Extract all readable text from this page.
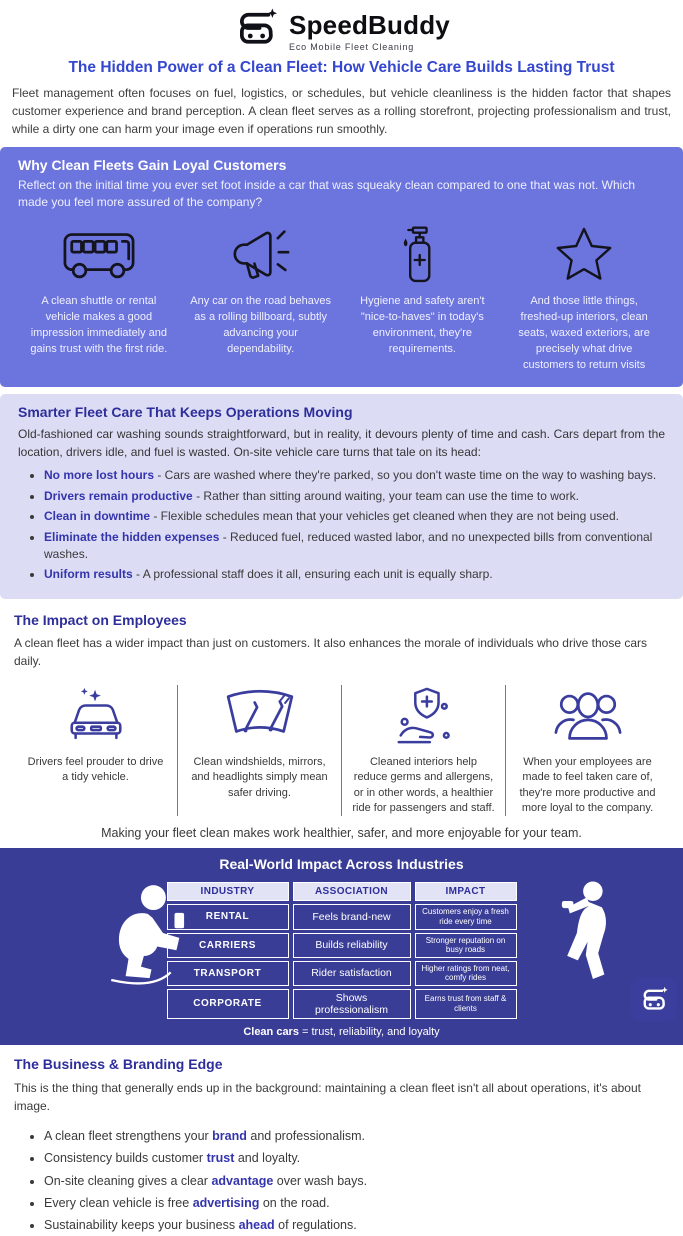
SpeedBuddy
Eco Mobile Fleet Cleaning
The Hidden Power of a Clean Fleet: How Vehicle Care Builds Lasting Trust

Fleet management often focuses on fuel, logistics, or schedules, but vehicle cleanliness is the hidden factor that shapes customer experience and brand perception. A clean fleet serves as a rolling storefront, projecting professionalism and trust, while a dirty one can harm your image even if operations run smoothly.

Why Clean Fleets Gain Loyal Customers

Reflect on the initial time you ever set foot inside a car that was squeaky clean compared to one that was not. Which made you feel more assured of the company?

A clean shuttle or rental vehicle makes a good impression immediately and gains trust with the first ride.

Any car on the road behaves as a rolling billboard, subtly advancing your dependability.

Hygiene and safety aren't "nice-to-haves" in today's environment, they're requirements.

And those little things, freshed-up interiors, clean seats, waxed exteriors, are precisely what drive customers to return visits

Smarter Fleet Care That Keeps Operations Moving

Old-fashioned car washing sounds straightforward, but in reality, it devours plenty of time and cash. Cars depart from the location, drivers idle, and fuel is wasted. On-site vehicle care turns that tale on its head:

• No more lost hours - Cars are washed where they're parked, so you don't waste time on the way to washing bays.
• Drivers remain productive - Rather than sitting around waiting, your team can use the time to work.
• Clean in downtime - Flexible schedules mean that your vehicles get cleaned when they are not being used.
• Eliminate the hidden expenses - Reduced fuel, reduced wasted labor, and no unexpected bills from conventional washes.
• Uniform results - A professional staff does it all, ensuring each unit is equally sharp.
The Impact on Employees

A clean fleet has a wider impact than just on customers. It also enhances the morale of individuals who drive those cars daily.

Drivers feel prouder to drive a tidy vehicle.

Clean windshields, mirrors, and headlights simply mean safer driving.

Cleaned interiors help reduce germs and allergens, or in other words, a healthier ride for passengers and staff.

When your employees are made to feel taken care of, they're more productive and more loyal to the company.

Making your fleet clean makes work healthier, safer, and more enjoyable for your team.

Real-World Impact Across Industries
INDUSTRY	ASSOCIATION	IMPACT
RENTAL	Feels brand-new	Customers enjoy a fresh ride every time
CARRIERS	Builds reliability	Stronger reputation on busy roads
TRANSPORT	Rider satisfaction	Higher ratings from neat, comfy rides
CORPORATE	Shows professionalism	Earns trust from staff & clients

Clean cars = trust, reliability, and loyalty

The Business & Branding Edge

This is the thing that generally ends up in the background: maintaining a clean fleet isn't all about operations, it's about image.

• A clean fleet strengthens your brand and professionalism.
• Consistency builds customer trust and loyalty.
• On-site cleaning gives a clear advantage over wash bays.
• Every clean vehicle is free advertising on the road.
• Sustainability keeps your business ahead of regulations.
